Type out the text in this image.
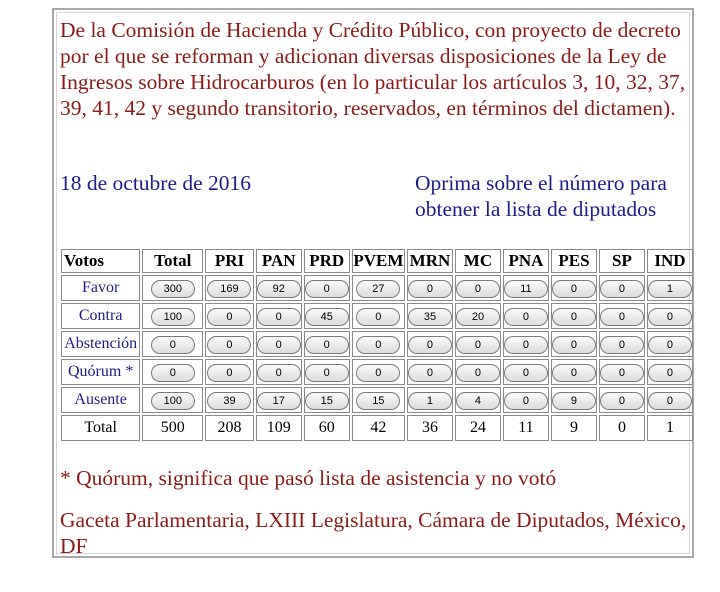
De la Comisión de Hacienda y Crédito Público, con proyecto de decreto por el que se reforman y adicionan diversas disposiciones de la Ley de Ingresos sobre Hidrocarburos (en lo particular los artículos 3, 10, 32, 37, 39, 41, 42 y segundo transitorio, reservados, en términos del dictamen).

18 de octubre de 2016	Oprima sobre el número para obtener la lista de diputados
Votos	Total	PRI	PAN	PRD	PVEM	MRN	MC	PNA	PES	SP	IND
Favor	300	169	92	0	27	0	0	11	0	0	1
Contra	100	0	0	45	0	35	20	0	0	0	0
Abstención	0	0	0	0	0	0	0	0	0	0	0
Quórum *	0	0	0	0	0	0	0	0	0	0	0
Ausente	100	39	17	15	15	1	4	0	9	0	0
Total	500	208	109	60	42	36	24	11	9	0	1
* Quórum, significa que pasó lista de asistencia y no votó
Gaceta Parlamentaria, LXIII Legislatura, Cámara de Diputados, México, DF
